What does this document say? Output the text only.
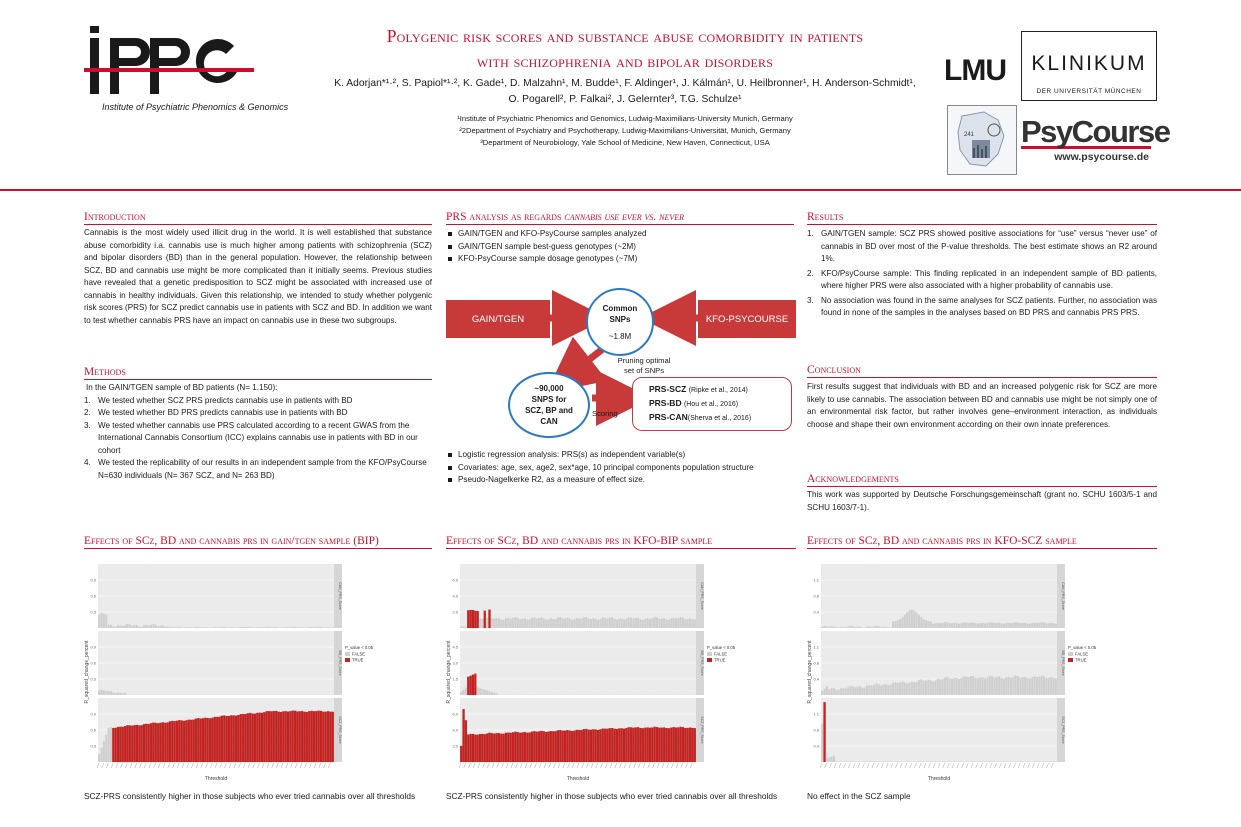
Institute of Psychiatric Phenomics & Genomics
Polygenic risk scores and substance abuse comorbidity in patients
with schizophrenia and bipolar disorders
K. Adorjan*¹·², S. Papiol*¹·², K. Gade¹, D. Malzahn¹, M. Budde¹, F. Aldinger¹, J. Kálmán¹, U. Heilbronner¹, H. Anderson-Schmidt¹,
O. Pogarell², P. Falkai², J. Gelernter³, T.G. Schulze¹
¹Institute of Psychiatric Phenomics and Genomics, Ludwig-Maximilians-University Munich, Germany
²2Department of Psychiatry and Psychotherapy, Ludwig-Maximilians-Universität, Munich, Germany
³Department of Neurobiology, Yale School of Medicine, New Haven, Connecticut, USA
LMU	KLINIKUM
DER UNIVERSITÄT MÜNCHEN
241 PsyCourse
www.psycourse.de
Introduction

Cannabis is the most widely used illicit drug in the world. It is well established that substance abuse comorbidity i.a. cannabis use is much higher among patients with schizophrenia (SCZ) and bipolar disorders (BD) than in the general population. However, the relationship between SCZ, BD and cannabis use might be more complicated than it initially seems. Previous studies have revealed that a genetic predisposition to SCZ might be associated with increased use of cannabis in healthy individuals. Given this relationship, we intended to study whether polygenic risk scores (PRS) for SCZ predict cannabis use in patients with SCZ and BD. In addition we want to test whether cannabis PRS have an impact on cannabis use in these two subgroups.

Methods

In the GAIN/TGEN sample of BD patients (N= 1.150):

1. We tested whether SCZ PRS predicts cannabis use in patients with BD
2. We tested whether BD PRS predicts cannabis use in patients with BD
3. We tested whether cannabis use PRS calculated according to a recent GWAS from the International Cannabis Consortium (ICC) explains cannabis use in patients with BD in our cohort
4. We tested the replicability of our results in an independent sample from the KFO/PsyCourse N=630 individuals (N= 367 SCZ, and N= 263 BD)
PRS analysis as regards cannabis use ever vs. never
GAIN/TGEN and KFO-PsyCourse samples analyzed
GAIN/TGEN sample best-guess genotypes (~2M)
KFO-PsyCourse sample dosage genotypes (~7M)
GAIN/TGEN	KFO-PSYCOURSE
Common
SNPs
~1.8M
Pruning optimal
set of SNPs
~90,000
SNPS for
SCZ, BP and
CAN
Scoring
PRS-SCZ (Ripke et al., 2014)
PRS-BD (Hou et al., 2016)
PRS-CAN(Sherva et al., 2016)
Logistic regression analysis: PRS(s) as independent variable(s)
Covariates: age, sex, age2, sex*age, 10 principal components population structure
Pseudo-Nagelkerke R2, as a measure of effect size.
Results
1. GAIN/TGEN sample: SCZ PRS showed positive associations for “use” versus “never use” of cannabis in BD over most of the P-value thresholds. The best estimate shows an R2 around 1%.
2. KFO/PsyCourse sample: This finding replicated in an independent sample of BD patients, where higher PRS were also associated with a higher probability of cannabis use.
3. No association was found in the same analyses for SCZ patients. Further, no association was found in none of the samples in the analyses based on BD PRS and cannabis PRS PRS.
Conclusion

First results suggest that individuals with BD and an increased polygenic risk for SCZ are more likely to use cannabis. The association between BD and cannabis use might be not simply one of an environmental risk factor, but rather involves gene–environment interaction, as individuals choose and shape their own environment according on their own innate preferences.

Acknowledgements

This work was supported by Deutsche Forschungsgemeinschaft (grant no. SCHU 1603/5-1 and SCHU 1603/7-1).

Effects of SCz, BD and cannabis prs in gain/tgen sample (BIP)	Effects of SCz, BD and cannabis prs in KFO-BIP sample	Effects of SCz, BD and cannabis prs in KFO-SCZ sample
R_squared_change_percent
0.3
0.6
0.9
CAN_PRS_Score
0.3
0.6
0.9
BD_PRS_Score
0.3
0.6
0.9
SCZ_PRS_Score
P_value < 0.05
FALSE
TRUE
Threshold
R_squared_change_percent
2.0
4.0
6.0
CAN_PRS_Score
1.5
3.0
4.5
BD_PRS_Score
2.0
4.0
6.0
SCZ_PRS_Score
P_value < 0.05
FALSE
TRUE
Threshold
R_squared_change_percent
0.4
0.8
1.1
CAN_PRS_Score
0.4
0.8
1.1
BD_PRS_Score
0.4
0.8
1.1
SCZ_PRS_Score
P_value < 0.05
FALSE
TRUE
Threshold
SCZ-PRS consistently higher in those subjects who ever tried cannabis over all thresholds	SCZ-PRS consistently higher in those subjects who ever tried cannabis over all thresholds	No effect in the SCZ sample
